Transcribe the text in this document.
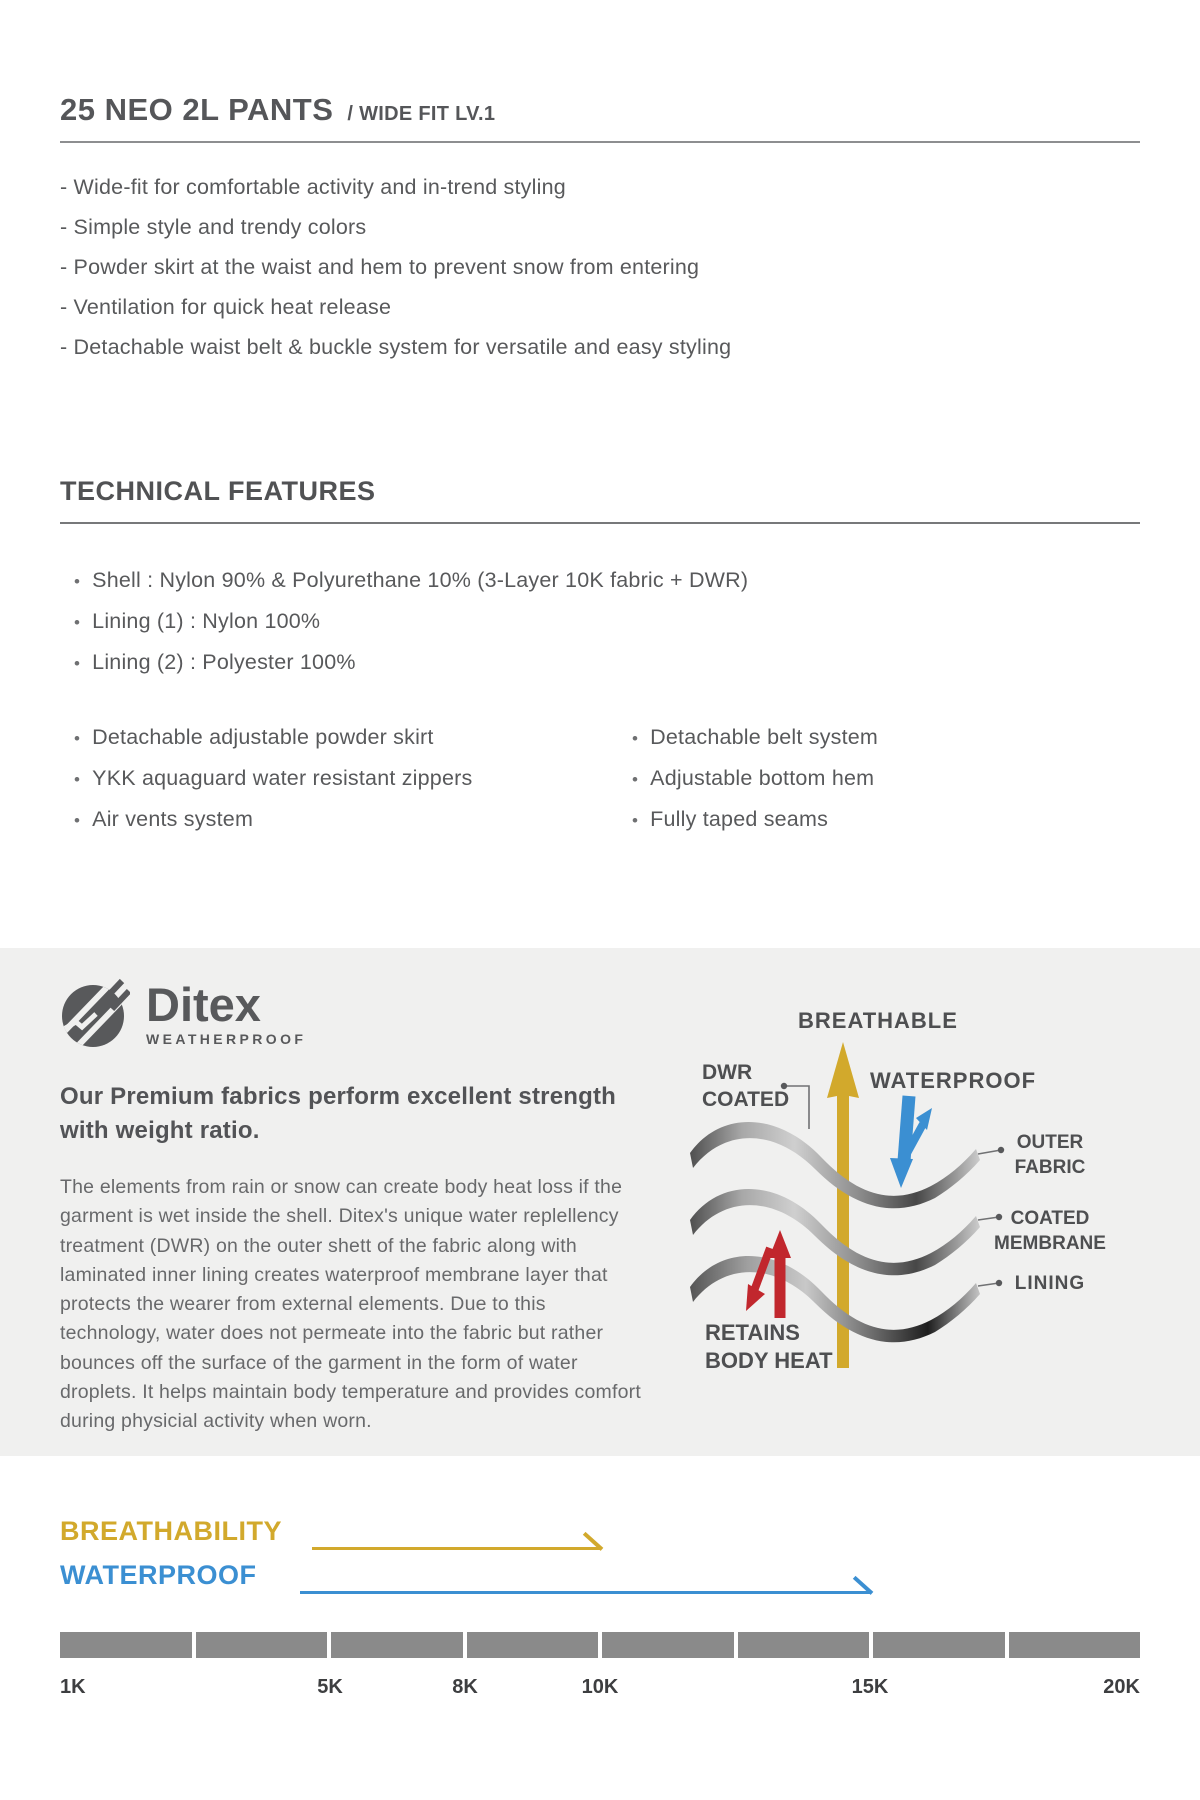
25 NEO 2L PANTS / WIDE FIT LV.1
- Wide-fit for comfortable activity and in-trend styling
- Simple style and trendy colors
- Powder skirt at the waist and hem to prevent snow from entering
- Ventilation for quick heat release
- Detachable waist belt & buckle system for versatile and easy styling
TECHNICAL FEATURES
• Shell : Nylon 90% & Polyurethane 10% (3-Layer 10K fabric + DWR)
• Lining (1) : Nylon 100%
• Lining (2) : Polyester 100%
• Detachable adjustable powder skirt
• YKK aquaguard water resistant zippers
• Air vents system
• Detachable belt system
• Adjustable bottom hem
• Fully taped seams
Ditex
WEATHERPROOF
Our Premium fabrics perform excellent strength with weight ratio.
The elements from rain or snow can create body heat loss if the garment is wet inside the shell. Ditex's unique water replellency treatment (DWR) on the outer shett of the fabric along with laminated inner lining creates waterproof membrane layer that protects the wearer from external elements. Due to this technology, water does not permeate into the fabric but rather bounces off the surface of the garment in the form of water droplets. It helps maintain body temperature and provides comfort during physicial activity when worn.
BREATHABLE
DWR
COATED
WATERPROOF
OUTER
FABRIC
COATED
MEMBRANE
LINING
RETAINS
BODY HEAT
BREATHABILITY
WATERPROOF
1K	5K	8K	10K	15K	20K
